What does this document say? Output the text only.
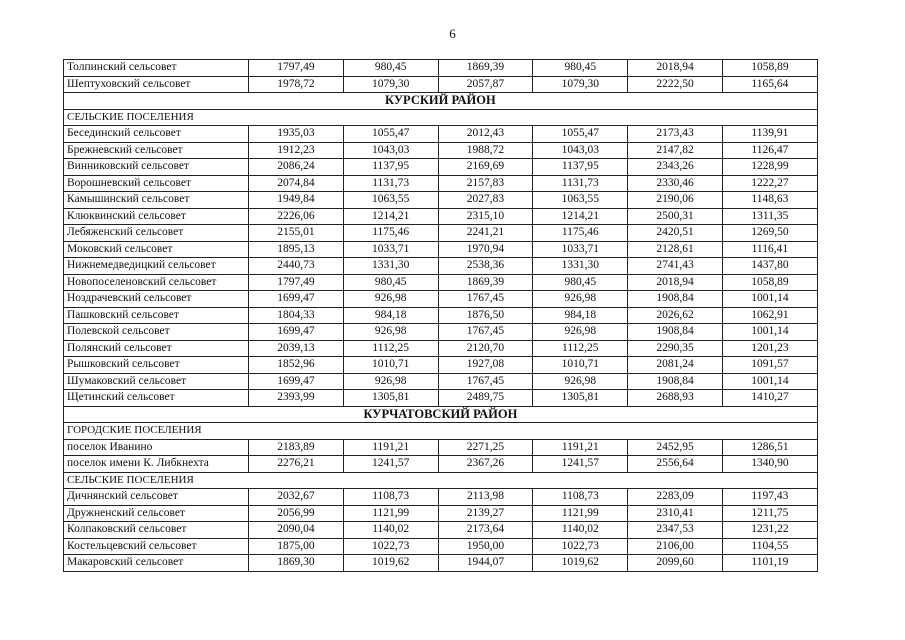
6
Толпинский сельсовет	1797,49	980,45	1869,39	980,45	2018,94	1058,89
Шептуховский сельсовет	1978,72	1079,30	2057,87	1079,30	2222,50	1165,64
КУРСКИЙ РАЙОН						
СЕЛЬСКИЕ ПОСЕЛЕНИЯ						
Бесединский сельсовет	1935,03	1055,47	2012,43	1055,47	2173,43	1139,91
Брежневский сельсовет	1912,23	1043,03	1988,72	1043,03	2147,82	1126,47
Винниковский сельсовет	2086,24	1137,95	2169,69	1137,95	2343,26	1228,99
Ворошневский сельсовет	2074,84	1131,73	2157,83	1131,73	2330,46	1222,27
Камышинский сельсовет	1949,84	1063,55	2027,83	1063,55	2190,06	1148,63
Клюквинский сельсовет	2226,06	1214,21	2315,10	1214,21	2500,31	1311,35
Лебяженский сельсовет	2155,01	1175,46	2241,21	1175,46	2420,51	1269,50
Моковский сельсовет	1895,13	1033,71	1970,94	1033,71	2128,61	1116,41
Нижнемедведицкий сельсовет	2440,73	1331,30	2538,36	1331,30	2741,43	1437,80
Новопоселеновский сельсовет	1797,49	980,45	1869,39	980,45	2018,94	1058,89
Ноздрачевский сельсовет	1699,47	926,98	1767,45	926,98	1908,84	1001,14
Пашковский сельсовет	1804,33	984,18	1876,50	984,18	2026,62	1062,91
Полевской сельсовет	1699,47	926,98	1767,45	926,98	1908,84	1001,14
Полянский сельсовет	2039,13	1112,25	2120,70	1112,25	2290,35	1201,23
Рышковский сельсовет	1852,96	1010,71	1927,08	1010,71	2081,24	1091,57
Шумаковский сельсовет	1699,47	926,98	1767,45	926,98	1908,84	1001,14
Щетинский сельсовет	2393,99	1305,81	2489,75	1305,81	2688,93	1410,27
КУРЧАТОВСКИЙ РАЙОН						
ГОРОДСКИЕ ПОСЕЛЕНИЯ						
поселок Иванино	2183,89	1191,21	2271,25	1191,21	2452,95	1286,51
поселок имени К. Либкнехта	2276,21	1241,57	2367,26	1241,57	2556,64	1340,90
СЕЛЬСКИЕ ПОСЕЛЕНИЯ						
Дичнянский сельсовет	2032,67	1108,73	2113,98	1108,73	2283,09	1197,43
Дружненский сельсовет	2056,99	1121,99	2139,27	1121,99	2310,41	1211,75
Колпаковский сельсовет	2090,04	1140,02	2173,64	1140,02	2347,53	1231,22
Костельцевский сельсовет	1875,00	1022,73	1950,00	1022,73	2106,00	1104,55
Макаровский сельсовет	1869,30	1019,62	1944,07	1019,62	2099,60	1101,19
